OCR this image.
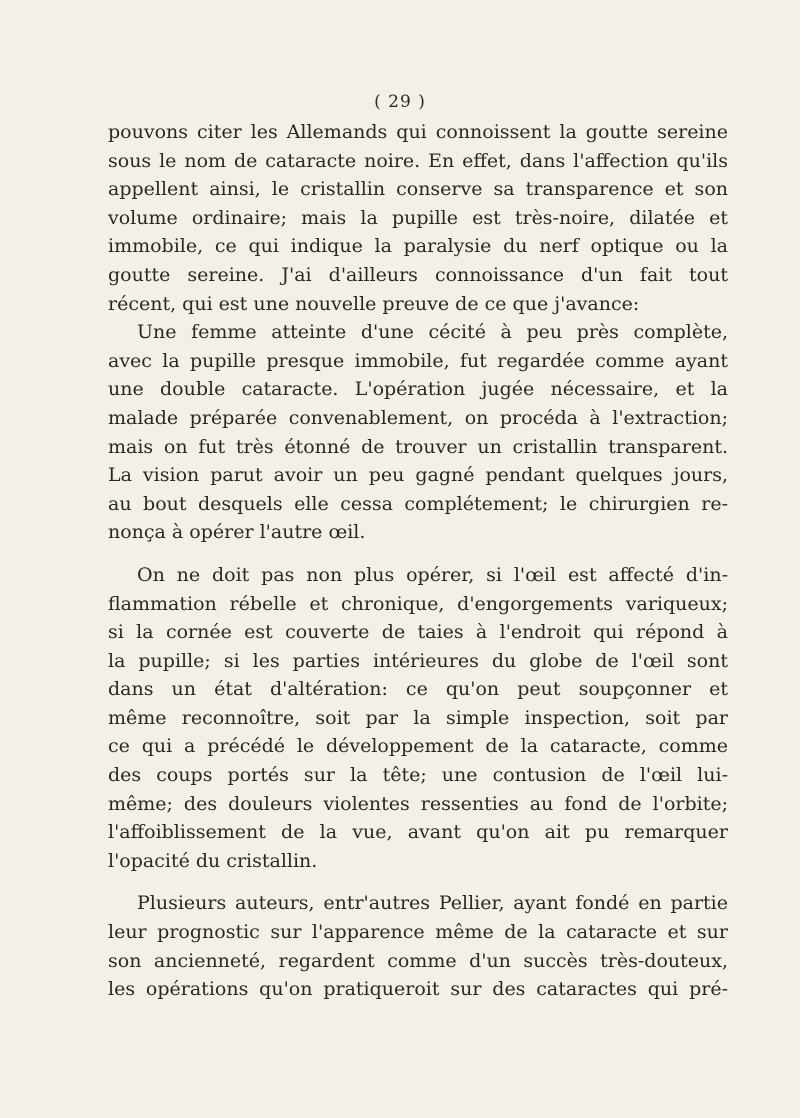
( 29 )

pouvons citer les Allemands qui connoissent la goutte sereine
sous le nom de cataracte noire. En effet, dans l'affection qu'ils
appellent ainsi, le cristallin conserve sa transparence et son
volume ordinaire; mais la pupille est très-noire, dilatée et
immobile, ce qui indique la paralysie du nerf optique ou la
goutte sereine. J'ai d'ailleurs connoissance d'un fait tout
récent, qui est une nouvelle preuve de ce que j'avance:

Une femme atteinte d'une cécité à peu près complète,
avec la pupille presque immobile, fut regardée comme ayant
une double cataracte. L'opération jugée nécessaire, et la
malade préparée convenablement, on procéda à l'extraction;
mais on fut très étonné de trouver un cristallin transparent.
La vision parut avoir un peu gagné pendant quelques jours,
au bout desquels elle cessa complétement; le chirurgien re-
nonça à opérer l'autre œil.

On ne doit pas non plus opérer, si l'œil est affecté d'in-
flammation rébelle et chronique, d'engorgements variqueux;
si la cornée est couverte de taies à l'endroit qui répond à
la pupille; si les parties intérieures du globe de l'œil sont
dans un état d'altération: ce qu'on peut soupçonner et
même reconnoître, soit par la simple inspection, soit par
ce qui a précédé le développement de la cataracte, comme
des coups portés sur la tête; une contusion de l'œil lui-
même; des douleurs violentes ressenties au fond de l'orbite;
l'affoiblissement de la vue, avant qu'on ait pu remarquer
l'opacité du cristallin.

Plusieurs auteurs, entr'autres Pellier, ayant fondé en partie
leur prognostic sur l'apparence même de la cataracte et sur
son ancienneté, regardent comme d'un succès très-douteux,
les opérations qu'on pratiqueroit sur des cataractes qui pré-
